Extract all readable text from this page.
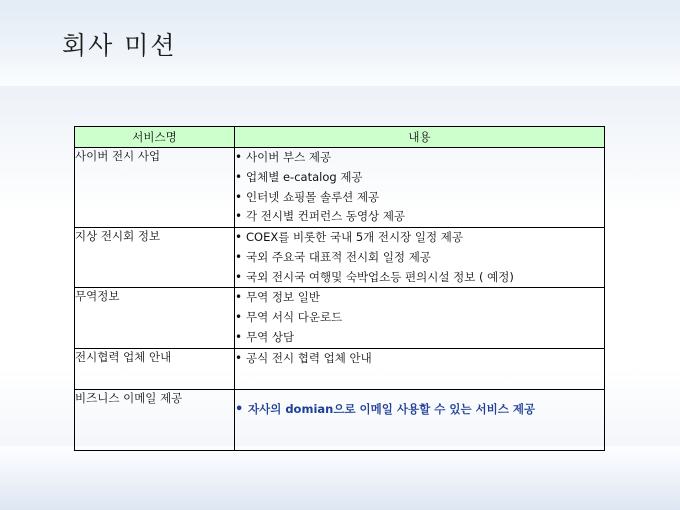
회사 미션
서비스명	내용
사이버 전시 사업	
•사이버 부스 제공
• 업체별 e-catalog 제공
• 인터넷 쇼핑몰 솔루션 제공
• 각 전시별 컨퍼런스 동영상 제공

지상 전시회 정보	
•COEX를 비롯한 국내 5개 전시장 일정 제공
• 국외 주요국 대표적 전시회 일정 제공
• 국외 전시국 여행및 숙박업소등 편의시설 정보 ( 예정)

무역정보	
•무역 정보 일반
• 무역 서식 다운로드
• 무역 상담

전시협력 업체 안내	
•공식 전시 협력 업체 안내

비즈니스 이메일 제공	
• 자사의 domian으로 이메일 사용할 수 있는 서비스 제공
